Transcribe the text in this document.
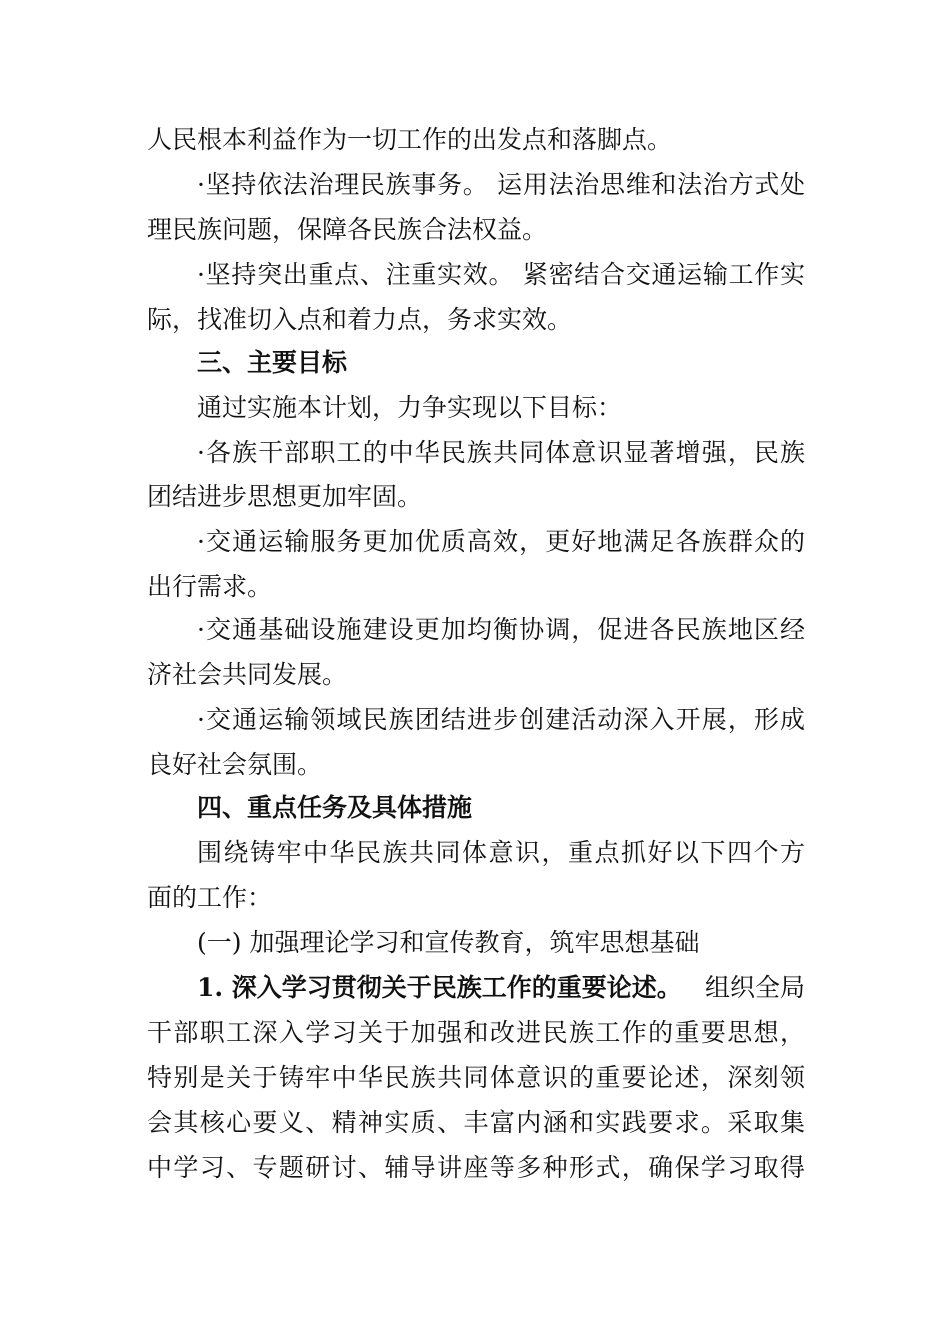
人民根本利益作为一切工作的出发点和落脚点。
·坚持依法治理民族事务。 运用法治思维和法治方式处
理民族问题，保障各民族合法权益。
·坚持突出重点、注重实效。 紧密结合交通运输工作实
际，找准切入点和着力点，务求实效。
三、主要目标
通过实施本计划，力争实现以下目标：
·各族干部职工的中华民族共同体意识显著增强，民族
团结进步思想更加牢固。
·交通运输服务更加优质高效，更好地满足各族群众的
出行需求。
·交通基础设施建设更加均衡协调，促进各民族地区经
济社会共同发展。
·交通运输领域民族团结进步创建活动深入开展，形成
良好社会氛围。
四、重点任务及具体措施
围绕铸牢中华民族共同体意识，重点抓好以下四个方
面的工作：
(一) 加强理论学习和宣传教育，筑牢思想基础
1. 深入学习贯彻关于民族工作的重要论述。 组织全局
干部职工深入学习关于加强和改进民族工作的重要思想，
特别是关于铸牢中华民族共同体意识的重要论述，深刻领
会其核心要义、精神实质、丰富内涵和实践要求。采取集
中学习、专题研讨、辅导讲座等多种形式，确保学习取得
